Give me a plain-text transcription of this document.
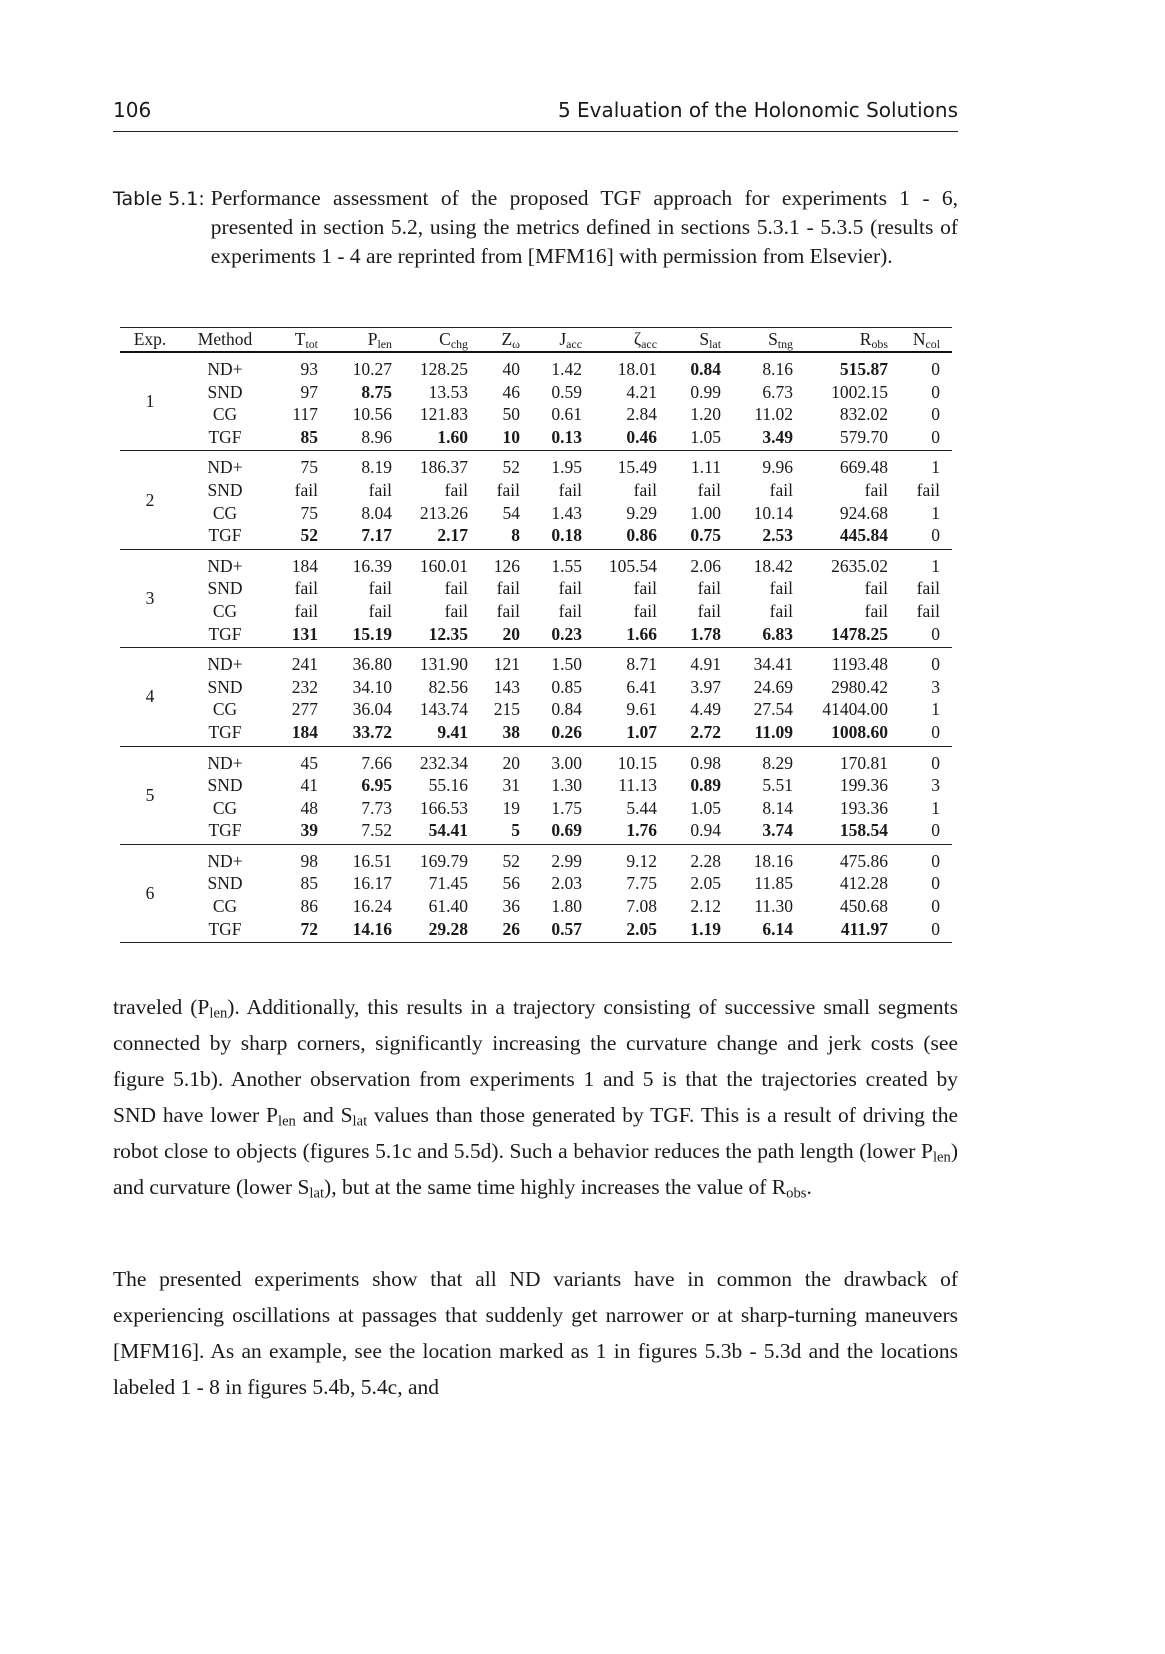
106	5 Evaluation of the Holonomic Solutions
Table 5.1: Performance assessment of the proposed TGF approach for experiments 1 - 6, presented in section 5.2, using the metrics defined in sections 5.3.1 - 5.3.5 (results of experiments 1 - 4 are reprinted from [MFM16] with permission from Elsevier).
Exp.	Method	$T_{tot}$	$P_{len}$	$C_{chg}$	$Z_\omega$	$J_{acc}$	$\zeta_{acc}$	$S_{lat}$	$S_{tng}$	$R_{obs}$	$N_{col}$
1
ND+	93	10.27	128.25	40	1.42	18.01	0.84	8.16	515.87	0
SND	97	8.75	13.53	46	0.59	4.21	0.99	6.73	1002.15	0
CG	117	10.56	121.83	50	0.61	2.84	1.20	11.02	832.02	0
TGF	85	8.96	1.60	10	0.13	0.46	1.05	3.49	579.70	0
2
ND+	75	8.19	186.37	52	1.95	15.49	1.11	9.96	669.48	1
SND	fail	fail	fail	fail	fail	fail	fail	fail	fail	fail
CG	75	8.04	213.26	54	1.43	9.29	1.00	10.14	924.68	1
TGF	52	7.17	2.17	8	0.18	0.86	0.75	2.53	445.84	0
3
ND+	184	16.39	160.01	126	1.55	105.54	2.06	18.42	2635.02	1
SND	fail	fail	fail	fail	fail	fail	fail	fail	fail	fail
CG	fail	fail	fail	fail	fail	fail	fail	fail	fail	fail
TGF	131	15.19	12.35	20	0.23	1.66	1.78	6.83	1478.25	0
4
ND+	241	36.80	131.90	121	1.50	8.71	4.91	34.41	1193.48	0
SND	232	34.10	82.56	143	0.85	6.41	3.97	24.69	2980.42	3
CG	277	36.04	143.74	215	0.84	9.61	4.49	27.54	41404.00	1
TGF	184	33.72	9.41	38	0.26	1.07	2.72	11.09	1008.60	0
5
ND+	45	7.66	232.34	20	3.00	10.15	0.98	8.29	170.81	0
SND	41	6.95	55.16	31	1.30	11.13	0.89	5.51	199.36	3
CG	48	7.73	166.53	19	1.75	5.44	1.05	8.14	193.36	1
TGF	39	7.52	54.41	5	0.69	1.76	0.94	3.74	158.54	0
6
ND+	98	16.51	169.79	52	2.99	9.12	2.28	18.16	475.86	0
SND	85	16.17	71.45	56	2.03	7.75	2.05	11.85	412.28	0
CG	86	16.24	61.40	36	1.80	7.08	2.12	11.30	450.68	0
TGF	72	14.16	29.28	26	0.57	2.05	1.19	6.14	411.97	0
traveled $(P_{len})$. Additionally, this results in a trajectory consisting of successive small segments connected by sharp corners, significantly increasing the curvature change and jerk costs (see figure 5.1b). Another observation from experiments 1 and 5 is that the trajectories created by SND have lower $P_{len}$ and $S_{lat}$ values than those generated by TGF. This is a result of driving the robot close to objects (figures 5.1c and 5.5d). Such a behavior reduces the path length (lower $P_{len}$) and curvature (lower $S_{lat}$), but at the same time highly increases the value of $R_{obs}$.
The presented experiments show that all ND variants have in common the drawback of experiencing oscillations at passages that suddenly get narrower or at sharp-turning maneuvers [MFM16]. As an example, see the location marked as 1 in figures 5.3b - 5.3d and the locations labeled 1 - 8 in figures 5.4b, 5.4c, and
